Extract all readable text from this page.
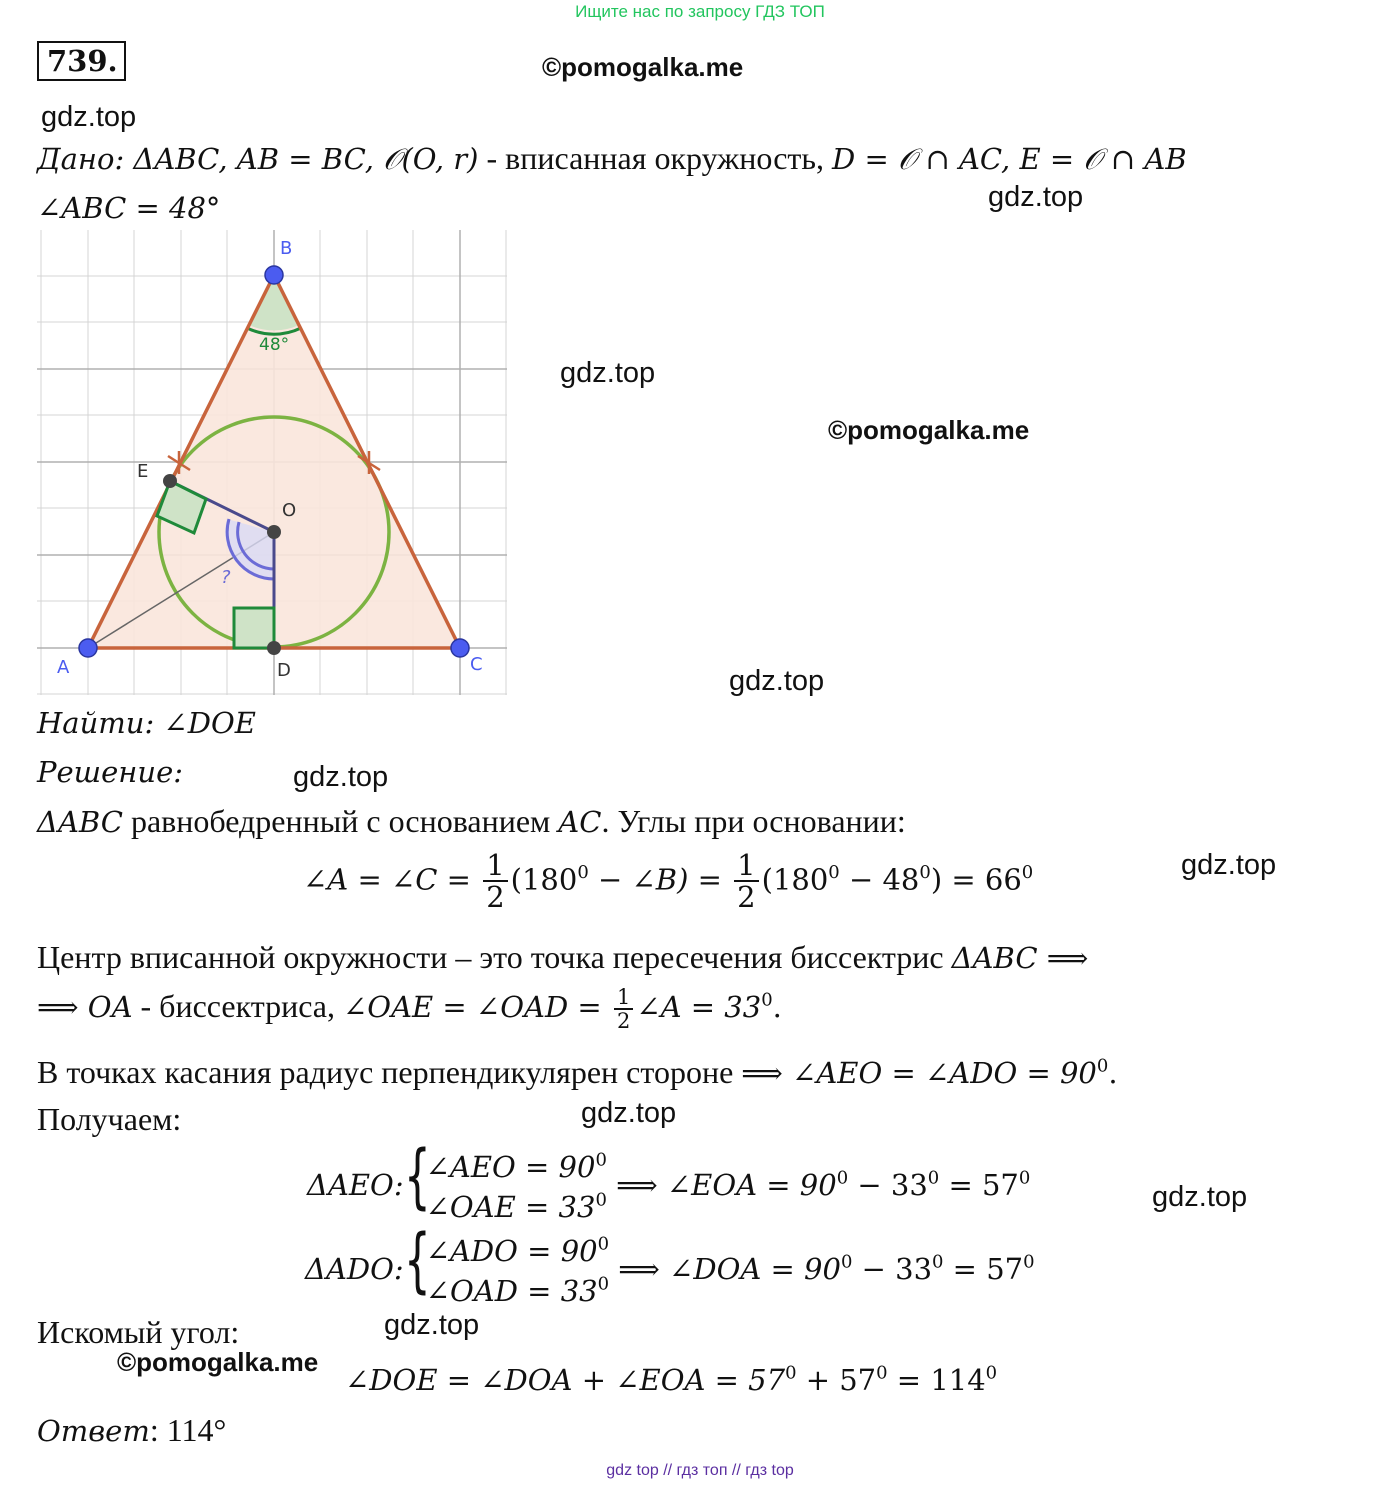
Ищите нас по запросу ГДЗ ТОП
739.	©pomogalka.me
gdz.top
gdz.top
gdz.top
©pomogalka.me
gdz.top
gdz.top
gdz.top
gdz.top
gdz.top
gdz.top
©pomogalka.me
Дано: ΔABC, AB = BC, 𝒪(O, r) - вписанная окружность, D = 𝒪 ∩ AC, E = 𝒪 ∩ AB
∠ABC = 48°
B
A	C
D
E
O
48°
?
Найти: ∠DOE
Решение:
ΔABC равнобедренный с основанием AC. Углы при основании:
∠A = ∠C = $\frac{1}{2} (180^0$ − ∠B) = $\frac{1}{2} (180^0 - 48^0) = 66^0$
Центр вписанной окружности – это точка пересечения биссектрис ΔABC ⟹
⟹ OA - биссектриса, ∠OAE = ∠OAD = $\frac{1}{2}$ ∠A = $33^0$.
В точках касания радиус перпендикулярен стороне ⟹ ∠AEO = ∠ADO = $90^0$.
Получаем:
ΔAEO: {
∠AEO = $90^0$
∠OAE = $33^0$ ⟹ ∠EOA = $90^0 - 33^0 = 57^0$
ΔADO: {
∠ADO = $90^0$
∠OAD = $33^0$ ⟹ ∠DOA = $90^0 - 33^0 = 57^0$
Искомый угол:
∠DOE = ∠DOA + ∠EOA = $57^0 + 57^0 = 114^0$
Ответ: 114°
gdz top // гдз топ // гдз top
